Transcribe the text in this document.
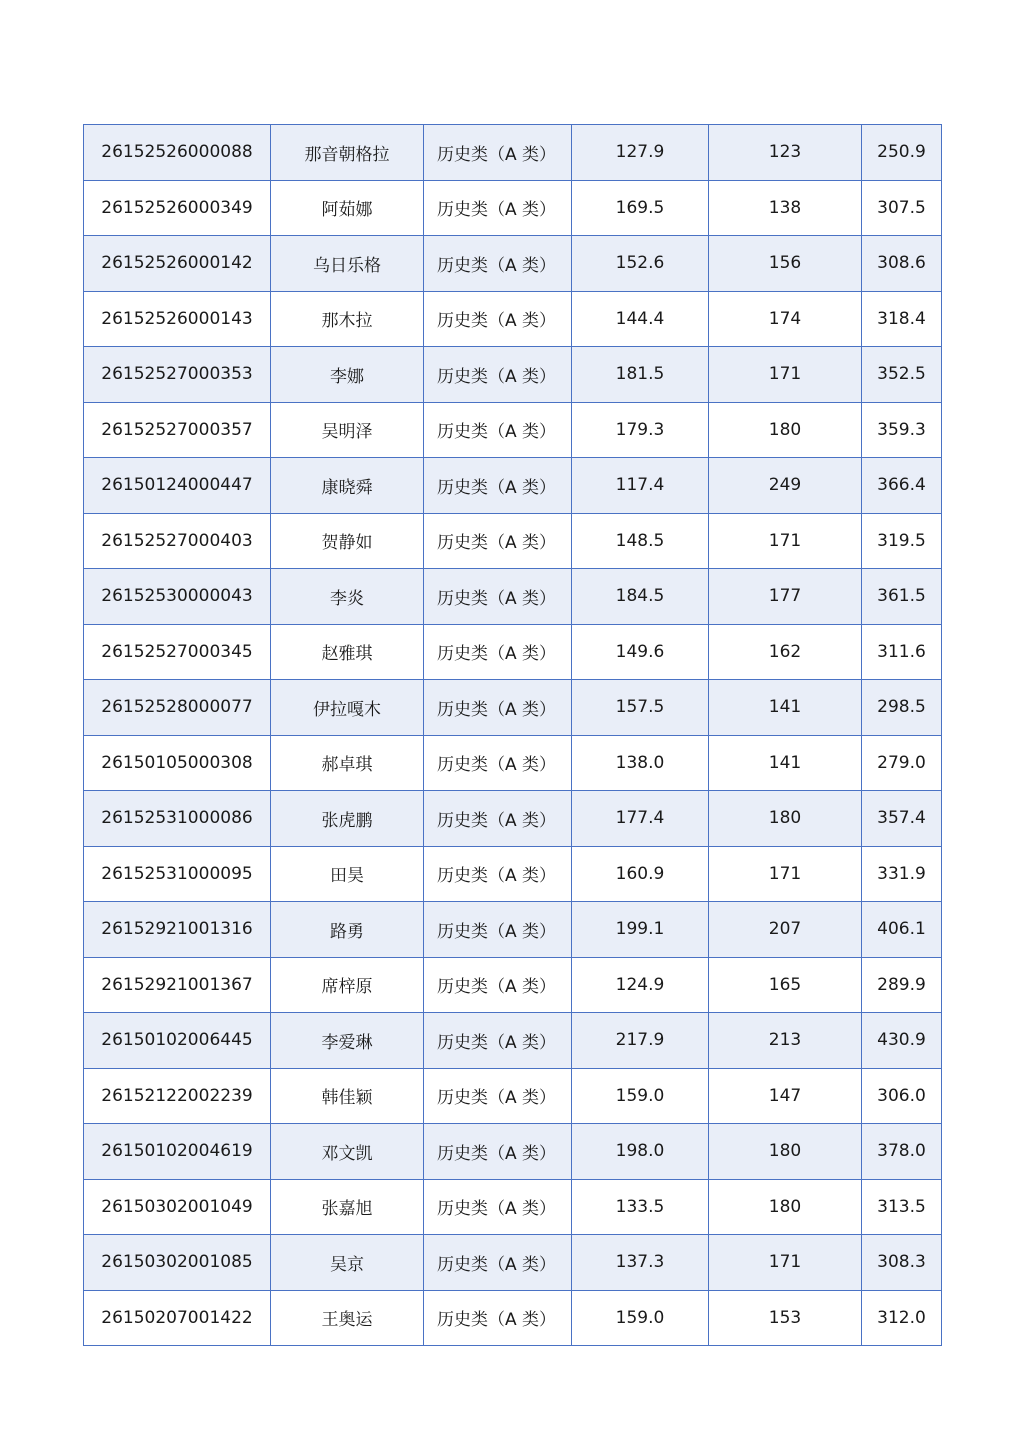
26152526000088	那音朝格拉	历史类（A 类）	127.9	123	250.9
26152526000349	阿茹娜	历史类（A 类）	169.5	138	307.5
26152526000142	乌日乐格	历史类（A 类）	152.6	156	308.6
26152526000143	那木拉	历史类（A 类）	144.4	174	318.4
26152527000353	李娜	历史类（A 类）	181.5	171	352.5
26152527000357	吴明泽	历史类（A 类）	179.3	180	359.3
26150124000447	康晓舜	历史类（A 类）	117.4	249	366.4
26152527000403	贺静如	历史类（A 类）	148.5	171	319.5
26152530000043	李炎	历史类（A 类）	184.5	177	361.5
26152527000345	赵雅琪	历史类（A 类）	149.6	162	311.6
26152528000077	伊拉嘎木	历史类（A 类）	157.5	141	298.5
26150105000308	郝卓琪	历史类（A 类）	138.0	141	279.0
26152531000086	张虎鹏	历史类（A 类）	177.4	180	357.4
26152531000095	田昊	历史类（A 类）	160.9	171	331.9
26152921001316	路勇	历史类（A 类）	199.1	207	406.1
26152921001367	席梓原	历史类（A 类）	124.9	165	289.9
26150102006445	李爱琳	历史类（A 类）	217.9	213	430.9
26152122002239	韩佳颖	历史类（A 类）	159.0	147	306.0
26150102004619	邓文凯	历史类（A 类）	198.0	180	378.0
26150302001049	张嘉旭	历史类（A 类）	133.5	180	313.5
26150302001085	吴京	历史类（A 类）	137.3	171	308.3
26150207001422	王奥运	历史类（A 类）	159.0	153	312.0
